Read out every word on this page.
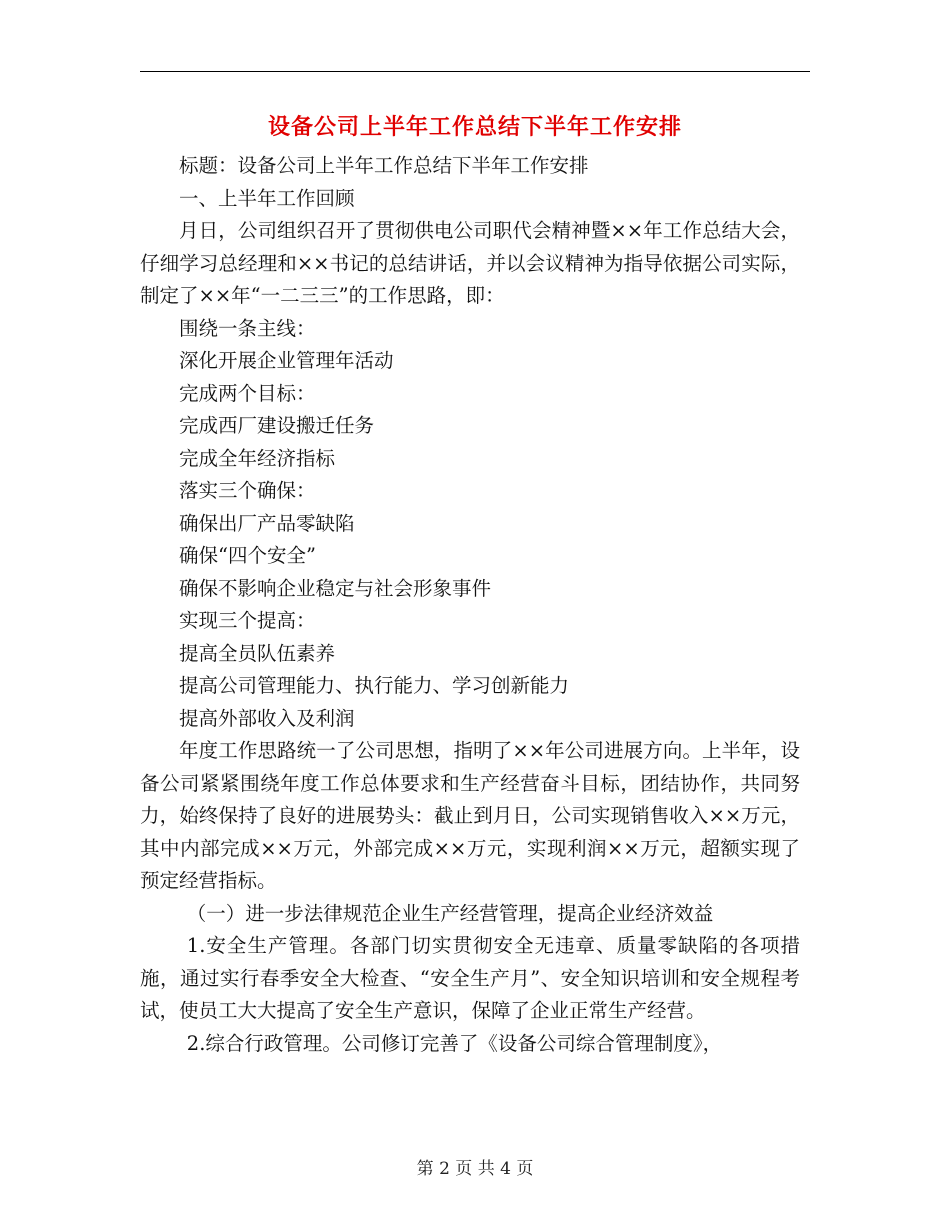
设备公司上半年工作总结下半年工作安排

标题：设备公司上半年工作总结下半年工作安排

一、上半年工作回顾

月日，公司组织召开了贯彻供电公司职代会精神暨××年工作总结大会，仔细学习总经理和××书记的总结讲话，并以会议精神为指导依据公司实际，制定了××年“一二三三”的工作思路，即：

围绕一条主线：

深化开展企业管理年活动

完成两个目标：

完成西厂建设搬迁任务

完成全年经济指标

落实三个确保：

确保出厂产品零缺陷

确保“四个安全”

确保不影响企业稳定与社会形象事件

实现三个提高：

提高全员队伍素养

提高公司管理能力、执行能力、学习创新能力

提高外部收入及利润

年度工作思路统一了公司思想，指明了××年公司进展方向。上半年，设备公司紧紧围绕年度工作总体要求和生产经营奋斗目标，团结协作，共同努力，始终保持了良好的进展势头：截止到月日，公司实现销售收入××万元，其中内部完成××万元，外部完成××万元，实现利润××万元，超额实现了预定经营指标。

（一）进一步法律规范企业生产经营管理，提高企业经济效益

1.安全生产管理。各部门切实贯彻安全无违章、质量零缺陷的各项措施，通过实行春季安全大检查、“安全生产月”、安全知识培训和安全规程考试，使员工大大提高了安全生产意识，保障了企业正常生产经营。

2.综合行政管理。公司修订完善了《设备公司综合管理制度》，

第 2 页 共 4 页
